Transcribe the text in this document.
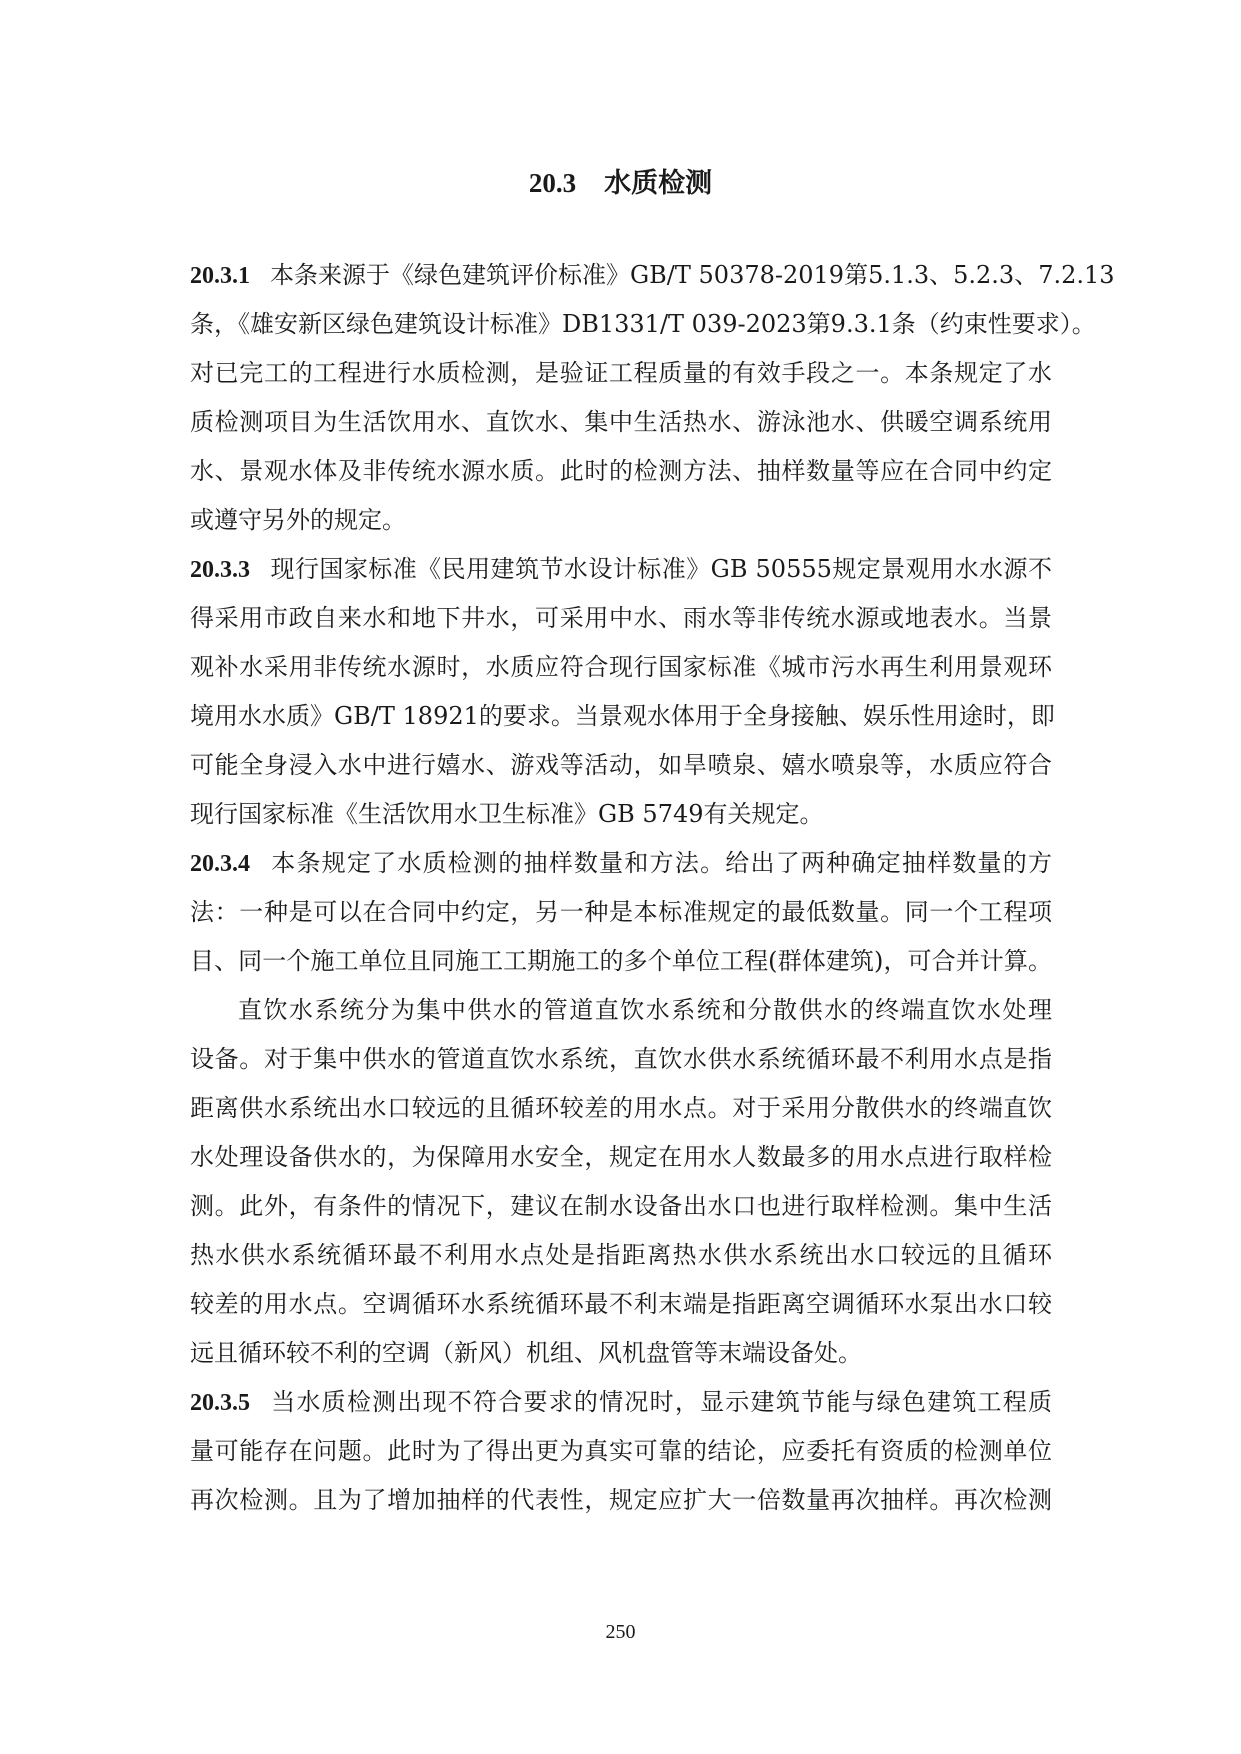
20.3 水质检测
20.3.1 本条来源于《绿色建筑评价标准》GB/T 50378-2019第5.1.3、5.2.3、7.2.13
条，《雄安新区绿色建筑设计标准》DB1331/T 039-2023第9.3.1条（约束性要求）。
对已完工的工程进行水质检测，是验证工程质量的有效手段之一。本条规定了水
质检测项目为生活饮用水、直饮水、集中生活热水、游泳池水、供暖空调系统用
水、景观水体及非传统水源水质。此时的检测方法、抽样数量等应在合同中约定
或遵守另外的规定。
20.3.3 现行国家标准《民用建筑节水设计标准》GB 50555规定景观用水水源不
得采用市政自来水和地下井水，可采用中水、雨水等非传统水源或地表水。当景
观补水采用非传统水源时，水质应符合现行国家标准《城市污水再生利用景观环
境用水水质》GB/T 18921的要求。当景观水体用于全身接触、娱乐性用途时，即
可能全身浸入水中进行嬉水、游戏等活动，如旱喷泉、嬉水喷泉等，水质应符合
现行国家标准《生活饮用水卫生标准》GB 5749有关规定。
20.3.4 本条规定了水质检测的抽样数量和方法。给出了两种确定抽样数量的方
法：一种是可以在合同中约定，另一种是本标准规定的最低数量。同一个工程项
目、同一个施工单位且同施工工期施工的多个单位工程(群体建筑)，可合并计算。
直饮水系统分为集中供水的管道直饮水系统和分散供水的终端直饮水处理
设备。对于集中供水的管道直饮水系统，直饮水供水系统循环最不利用水点是指
距离供水系统出水口较远的且循环较差的用水点。对于采用分散供水的终端直饮
水处理设备供水的，为保障用水安全，规定在用水人数最多的用水点进行取样检
测。此外，有条件的情况下，建议在制水设备出水口也进行取样检测。集中生活
热水供水系统循环最不利用水点处是指距离热水供水系统出水口较远的且循环
较差的用水点。空调循环水系统循环最不利末端是指距离空调循环水泵出水口较
远且循环较不利的空调（新风）机组、风机盘管等末端设备处。
20.3.5 当水质检测出现不符合要求的情况时，显示建筑节能与绿色建筑工程质
量可能存在问题。此时为了得出更为真实可靠的结论，应委托有资质的检测单位
再次检测。且为了增加抽样的代表性，规定应扩大一倍数量再次抽样。再次检测
250
